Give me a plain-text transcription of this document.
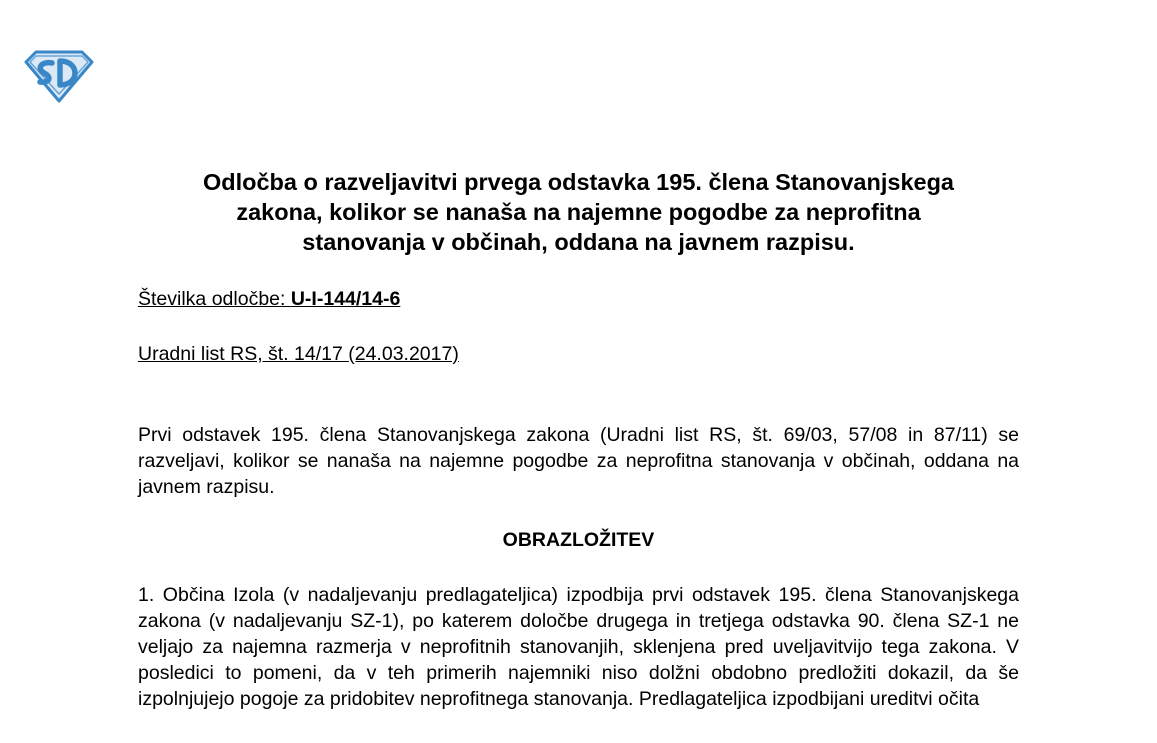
Odločba o razveljavitvi prvega odstavka 195. člena Stanovanjskega
zakona, kolikor se nanaša na najemne pogodbe za neprofitna
stanovanja v občinah, oddana na javnem razpisu.

Številka odločbe: U-I-144/14-6

Uradni list RS, št. 14/17 (24.03.2017)

Prvi odstavek 195. člena Stanovanjskega zakona (Uradni list RS, št. 69/03, 57/08 in 87/11) se razveljavi, kolikor se nanaša na najemne pogodbe za neprofitna stanovanja v občinah, oddana na javnem razpisu.

OBRAZLOŽITEV

1. Občina Izola (v nadaljevanju predlagateljica) izpodbija prvi odstavek 195. člena Stanovanjskega zakona (v nadaljevanju SZ-1), po katerem določbe drugega in tretjega odstavka 90. člena SZ-1 ne veljajo za najemna razmerja v neprofitnih stanovanjih, sklenjena pred uveljavitvijo tega zakona. V posledici to pomeni, da v teh primerih najemniki niso dolžni obdobno predložiti dokazil, da še izpolnjujejo pogoje za pridobitev neprofitnega stanovanja. Predlagateljica izpodbijani ureditvi očita
